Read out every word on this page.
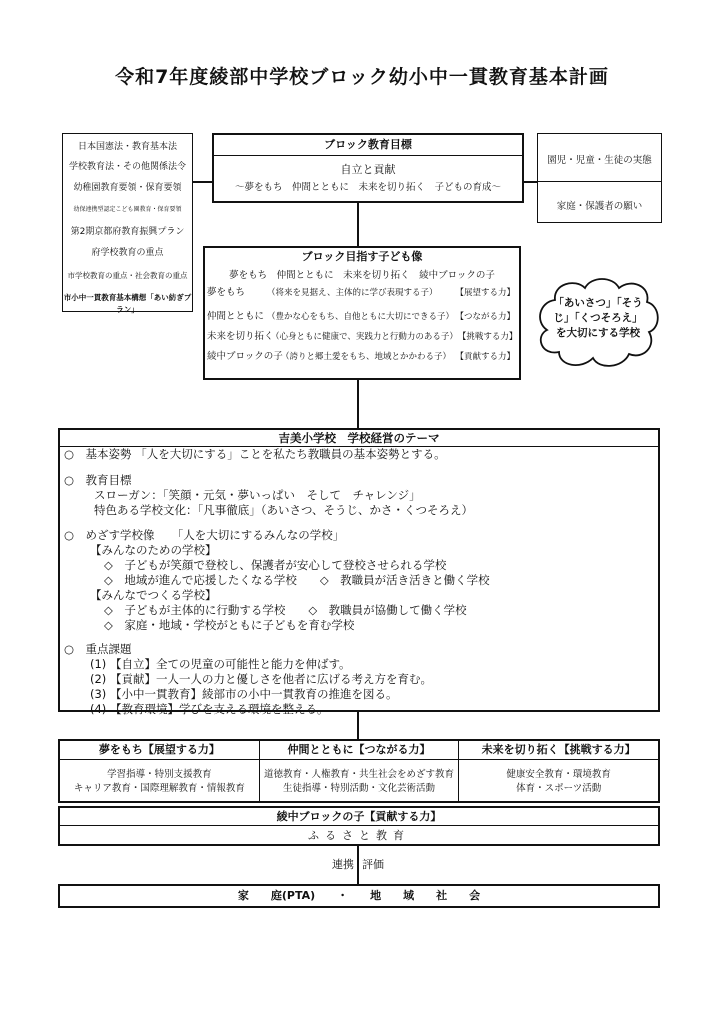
令和7年度綾部中学校ブロック幼小中一貫教育基本計画
日本国憲法・教育基本法
学校教育法・その他関係法令
幼稚園教育要領・保育要領
幼保連携型認定こども園教育・保育要領
第2期京都府教育振興プラン
府学校教育の重点
市学校教育の重点・社会教育の重点
市小中一貫教育基本構想「あい紡ぎプラン」
ブロック教育目標
自立と貢献
～夢をもち　仲間とともに　未来を切り拓く　子どもの育成～
園児・児童・生徒の実態
家庭・保護者の願い
ブロック目指す子ども像
夢をもち　仲間とともに　未来を切り拓く　綾中ブロックの子
夢をもち	（将来を見据え、主体的に学び表現する子）	【展望する力】
仲間とともに （豊かな心をもち、自他ともに大切にできる子） 【つながる力】
未来を切り拓く
（心身ともに健康で、実践力と行動力のある子） 【挑戦する力】
綾中ブロックの子
（誇りと郷土愛をもち、地域とかかわる子） 【貢献する力】
「あいさつ」「そうじ」「くつそろえ」を大切にする学校
吉美小学校　学校経営のテーマ
○　基本姿勢 「人を大切にする」ことを私たち教職員の基本姿勢とする。
○　教育目標
スローガン：「笑顔・元気・夢いっぱい　そして　チャレンジ」
特色ある学校文化：「凡事徹底」（あいさつ、そうじ、かさ・くつそろえ）
○　めざす学校像　　「人を大切にするみんなの学校」
【みんなのための学校】
◇　子どもが笑顔で登校し、保護者が安心して登校させられる学校
◇　地域が進んで応援したくなる学校　　◇　教職員が活き活きと働く学校
【みんなでつくる学校】
◇　子どもが主体的に行動する学校　　◇　教職員が協働して働く学校
◇　家庭・地域・学校がともに子どもを育む学校
○　重点課題
(1) 【自立】全ての児童の可能性と能力を伸ばす。
(2) 【貢献】一人一人の力と優しさを他者に広げる考え方を育む。
(3) 【小中一貫教育】綾部市の小中一貫教育の推進を図る。
(4) 【教育環境】学びを支える環境を整える。
夢をもち【展望する力】
学習指導・特別支援教育
キャリア教育・国際理解教育・情報教育
仲間とともに【つながる力】
道徳教育・人権教育・共生社会をめざす教育
生徒指導・特別活動・文化芸術活動
未来を切り拓く【挑戦する力】
健康安全教育・環境教育
体育・スポーツ活動
綾中ブロックの子【貢献する力】
ふるさと教育
連携 評価
家　　庭(PTA)　　・　　地　　域　　社　　会
